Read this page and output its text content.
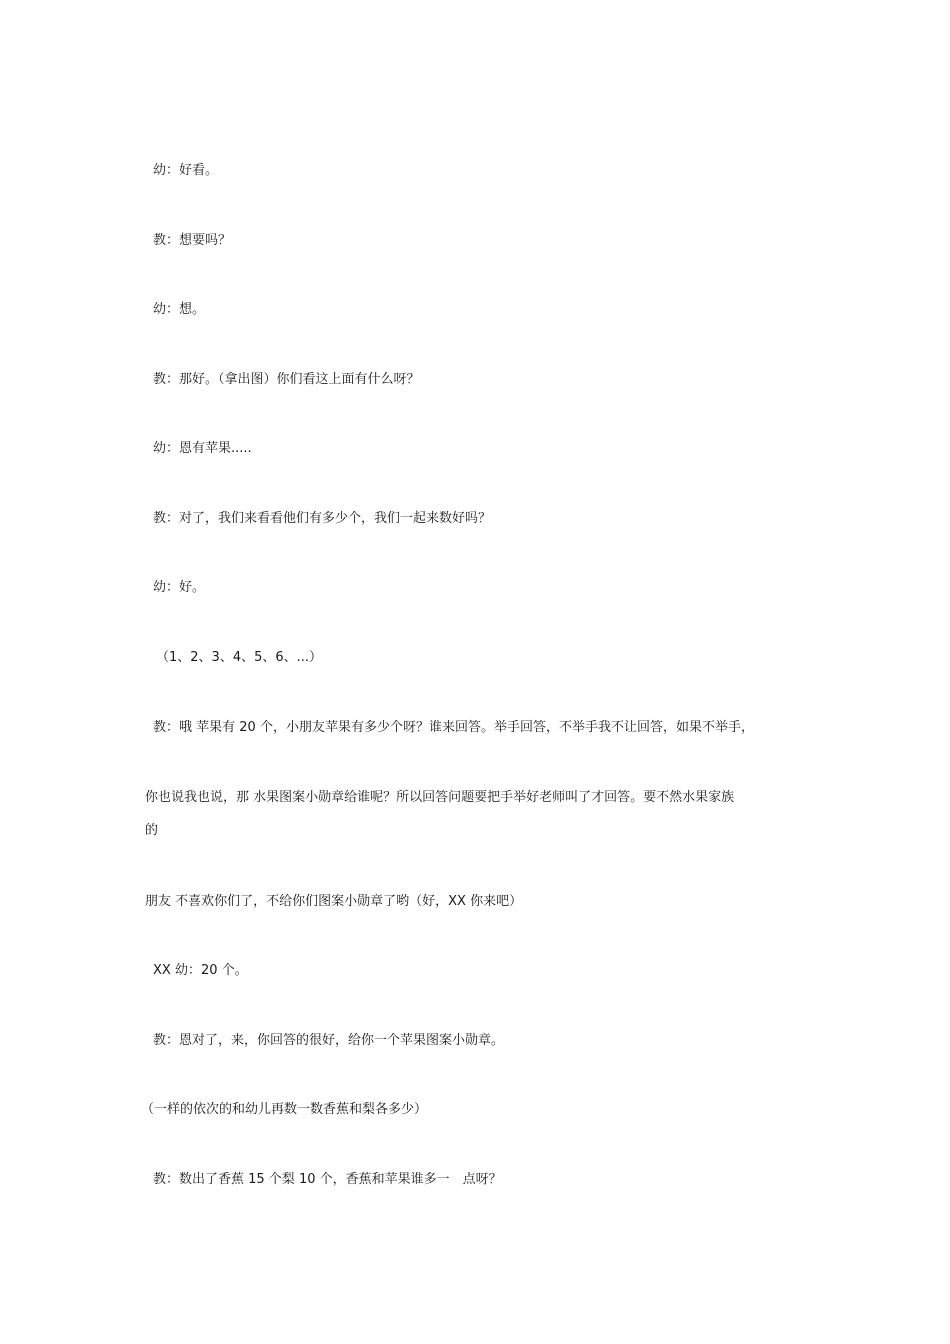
幼：好看。
教：想要吗？
幼：想。
教：那好。（拿出图）你们看这上面有什么呀？
幼：恩有苹果.....
教：对了，我们来看看他们有多少个，我们一起来数好吗？
幼：好。
（1、2、3、4、5、6、...）
教：哦 苹果有 20 个，小朋友苹果有多少个呀？谁来回答。举手回答，不举手我不让回答，如果不举手，
你也说我也说，那 水果图案小勋章给谁呢？所以回答问题要把手举好老师叫了才回答。要不然水果家族
的
朋友 不喜欢你们了，不给你们图案小勋章了哟（好，XX 你来吧）
XX 幼：20 个。
教：恩对了，来，你回答的很好，给你一个苹果图案小勋章。
（一样的依次的和幼儿再数一数香蕉和梨各多少）
教：数出了香蕉 15 个梨 10 个，香蕉和苹果谁多一　点呀？
